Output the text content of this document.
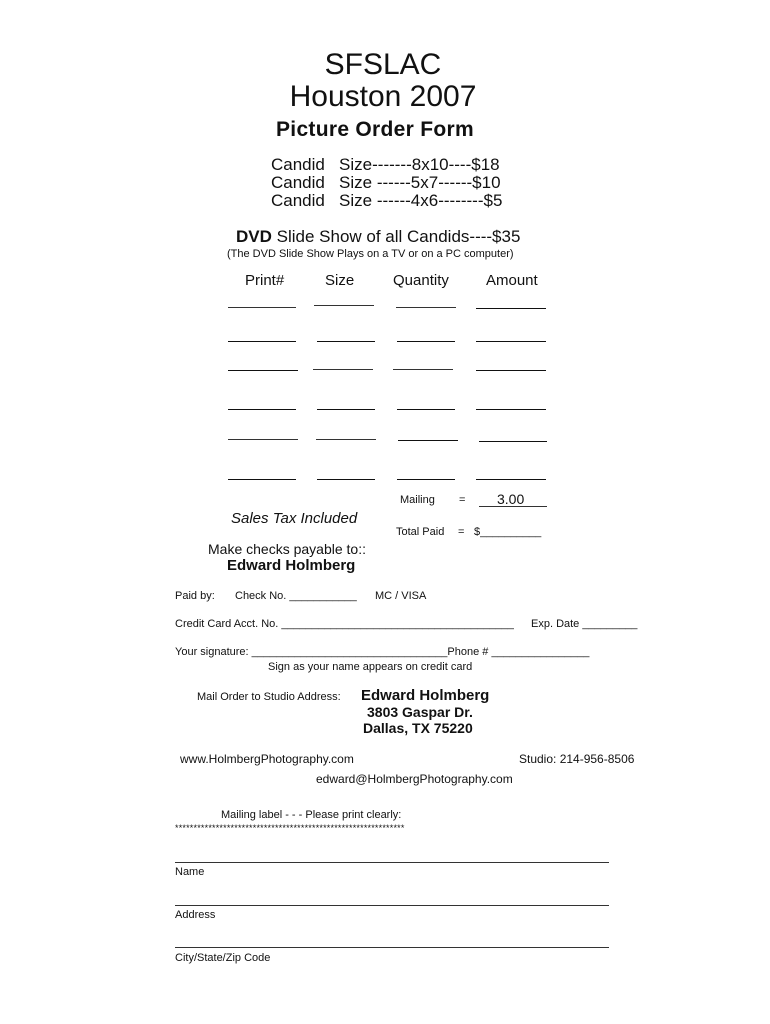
SFSLAC
Houston 2007
Picture Order Form
Candid Size-------8x10----$18
Candid Size ------5x7------$10
Candid Size ------4x6--------$5
DVD Slide Show of all Candids----$35
(The DVD Slide Show Plays on a TV or on a PC computer)
Print#	Size	Quantity Amount
Mailing = 3.00
Sales Tax Included
Total Paid = $__________
Make checks payable to::
Edward Holmberg
Paid by: Check No. ___________ MC / VISA
Credit Card Acct. No. ______________________________________ Exp. Date _________
Your signature: ________________________________Phone # ________________
Sign as your name appears on credit card
Mail Order to Studio Address: Edward Holmberg
3803 Gaspar Dr.
Dallas, TX 75220
www.HolmbergPhotography.com	Studio: 214-956-8506
edward@HolmbergPhotography.com
Mailing label - - - Please print clearly:
**************************************************************
Name
Address
City/State/Zip Code
